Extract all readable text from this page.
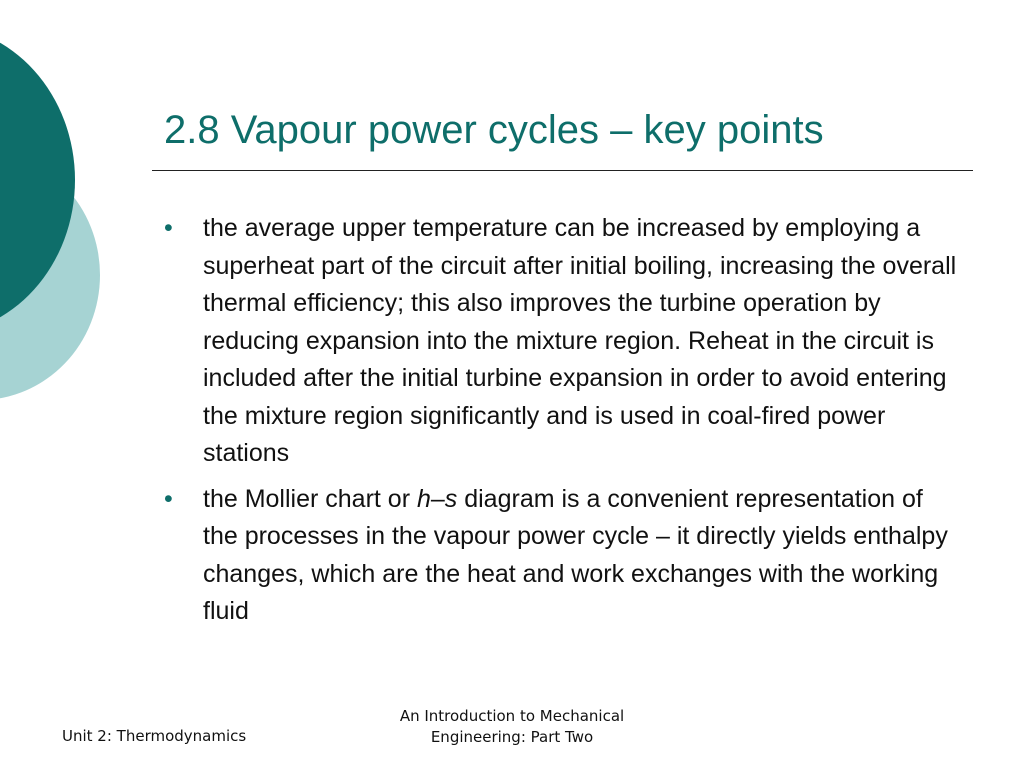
2.8 Vapour power cycles – key points
•	the average upper temperature can be increased by employing a superheat part of the circuit after initial boiling, increasing the overall thermal efficiency; this also improves the turbine operation by reducing expansion into the mixture region. Reheat in the circuit is included after the initial turbine expansion in order to avoid entering the mixture region significantly and is used in coal-fired power stations
•	the Mollier chart or h–s diagram is a convenient representation of the processes in the vapour power cycle – it directly yields enthalpy changes, which are the heat and work exchanges with the working fluid
Unit 2: Thermodynamics
An Introduction to Mechanical
Engineering: Part Two
